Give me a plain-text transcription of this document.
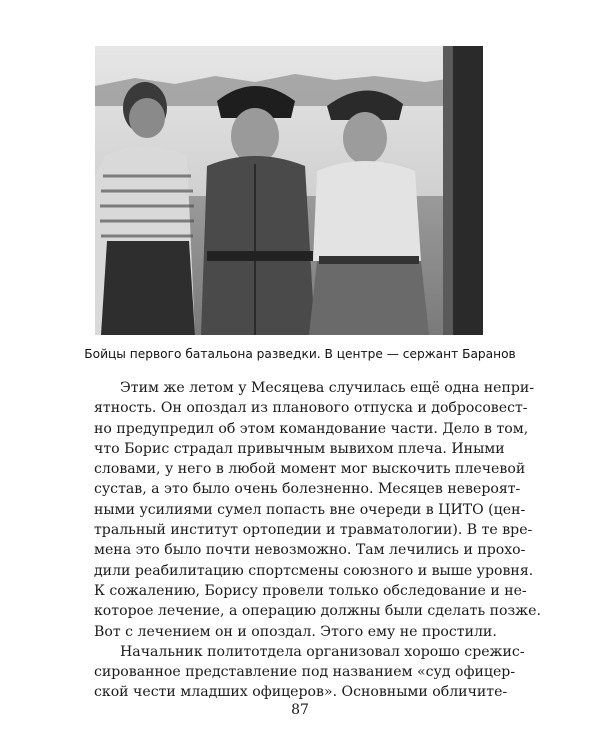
Бойцы первого батальона разведки. В центре — сержант Баранов
Этим же летом у Месяцева случилась ещё одна непри-
ятность. Он опоздал из планового отпуска и добросовест-
но предупредил об этом командование части. Дело в том,
что Борис страдал привычным вывихом плеча. Иными
словами, у него в любой момент мог выскочить плечевой
сустав, а это было очень болезненно. Месяцев невероят-
ными усилиями сумел попасть вне очереди в ЦИТО (цен-
тральный институт ортопедии и травматологии). В те вре-
мена это было почти невозможно. Там лечились и прохо-
дили реабилитацию спортсмены союзного и выше уровня.
К сожалению, Борису провели только обследование и не-
которое лечение, а операцию должны были сделать позже.
Вот с лечением он и опоздал. Этого ему не простили.
Начальник политотдела организовал хорошо срежис-
сированное представление под названием «суд офицер-
ской чести младших офицеров». Основными обличите-
87
